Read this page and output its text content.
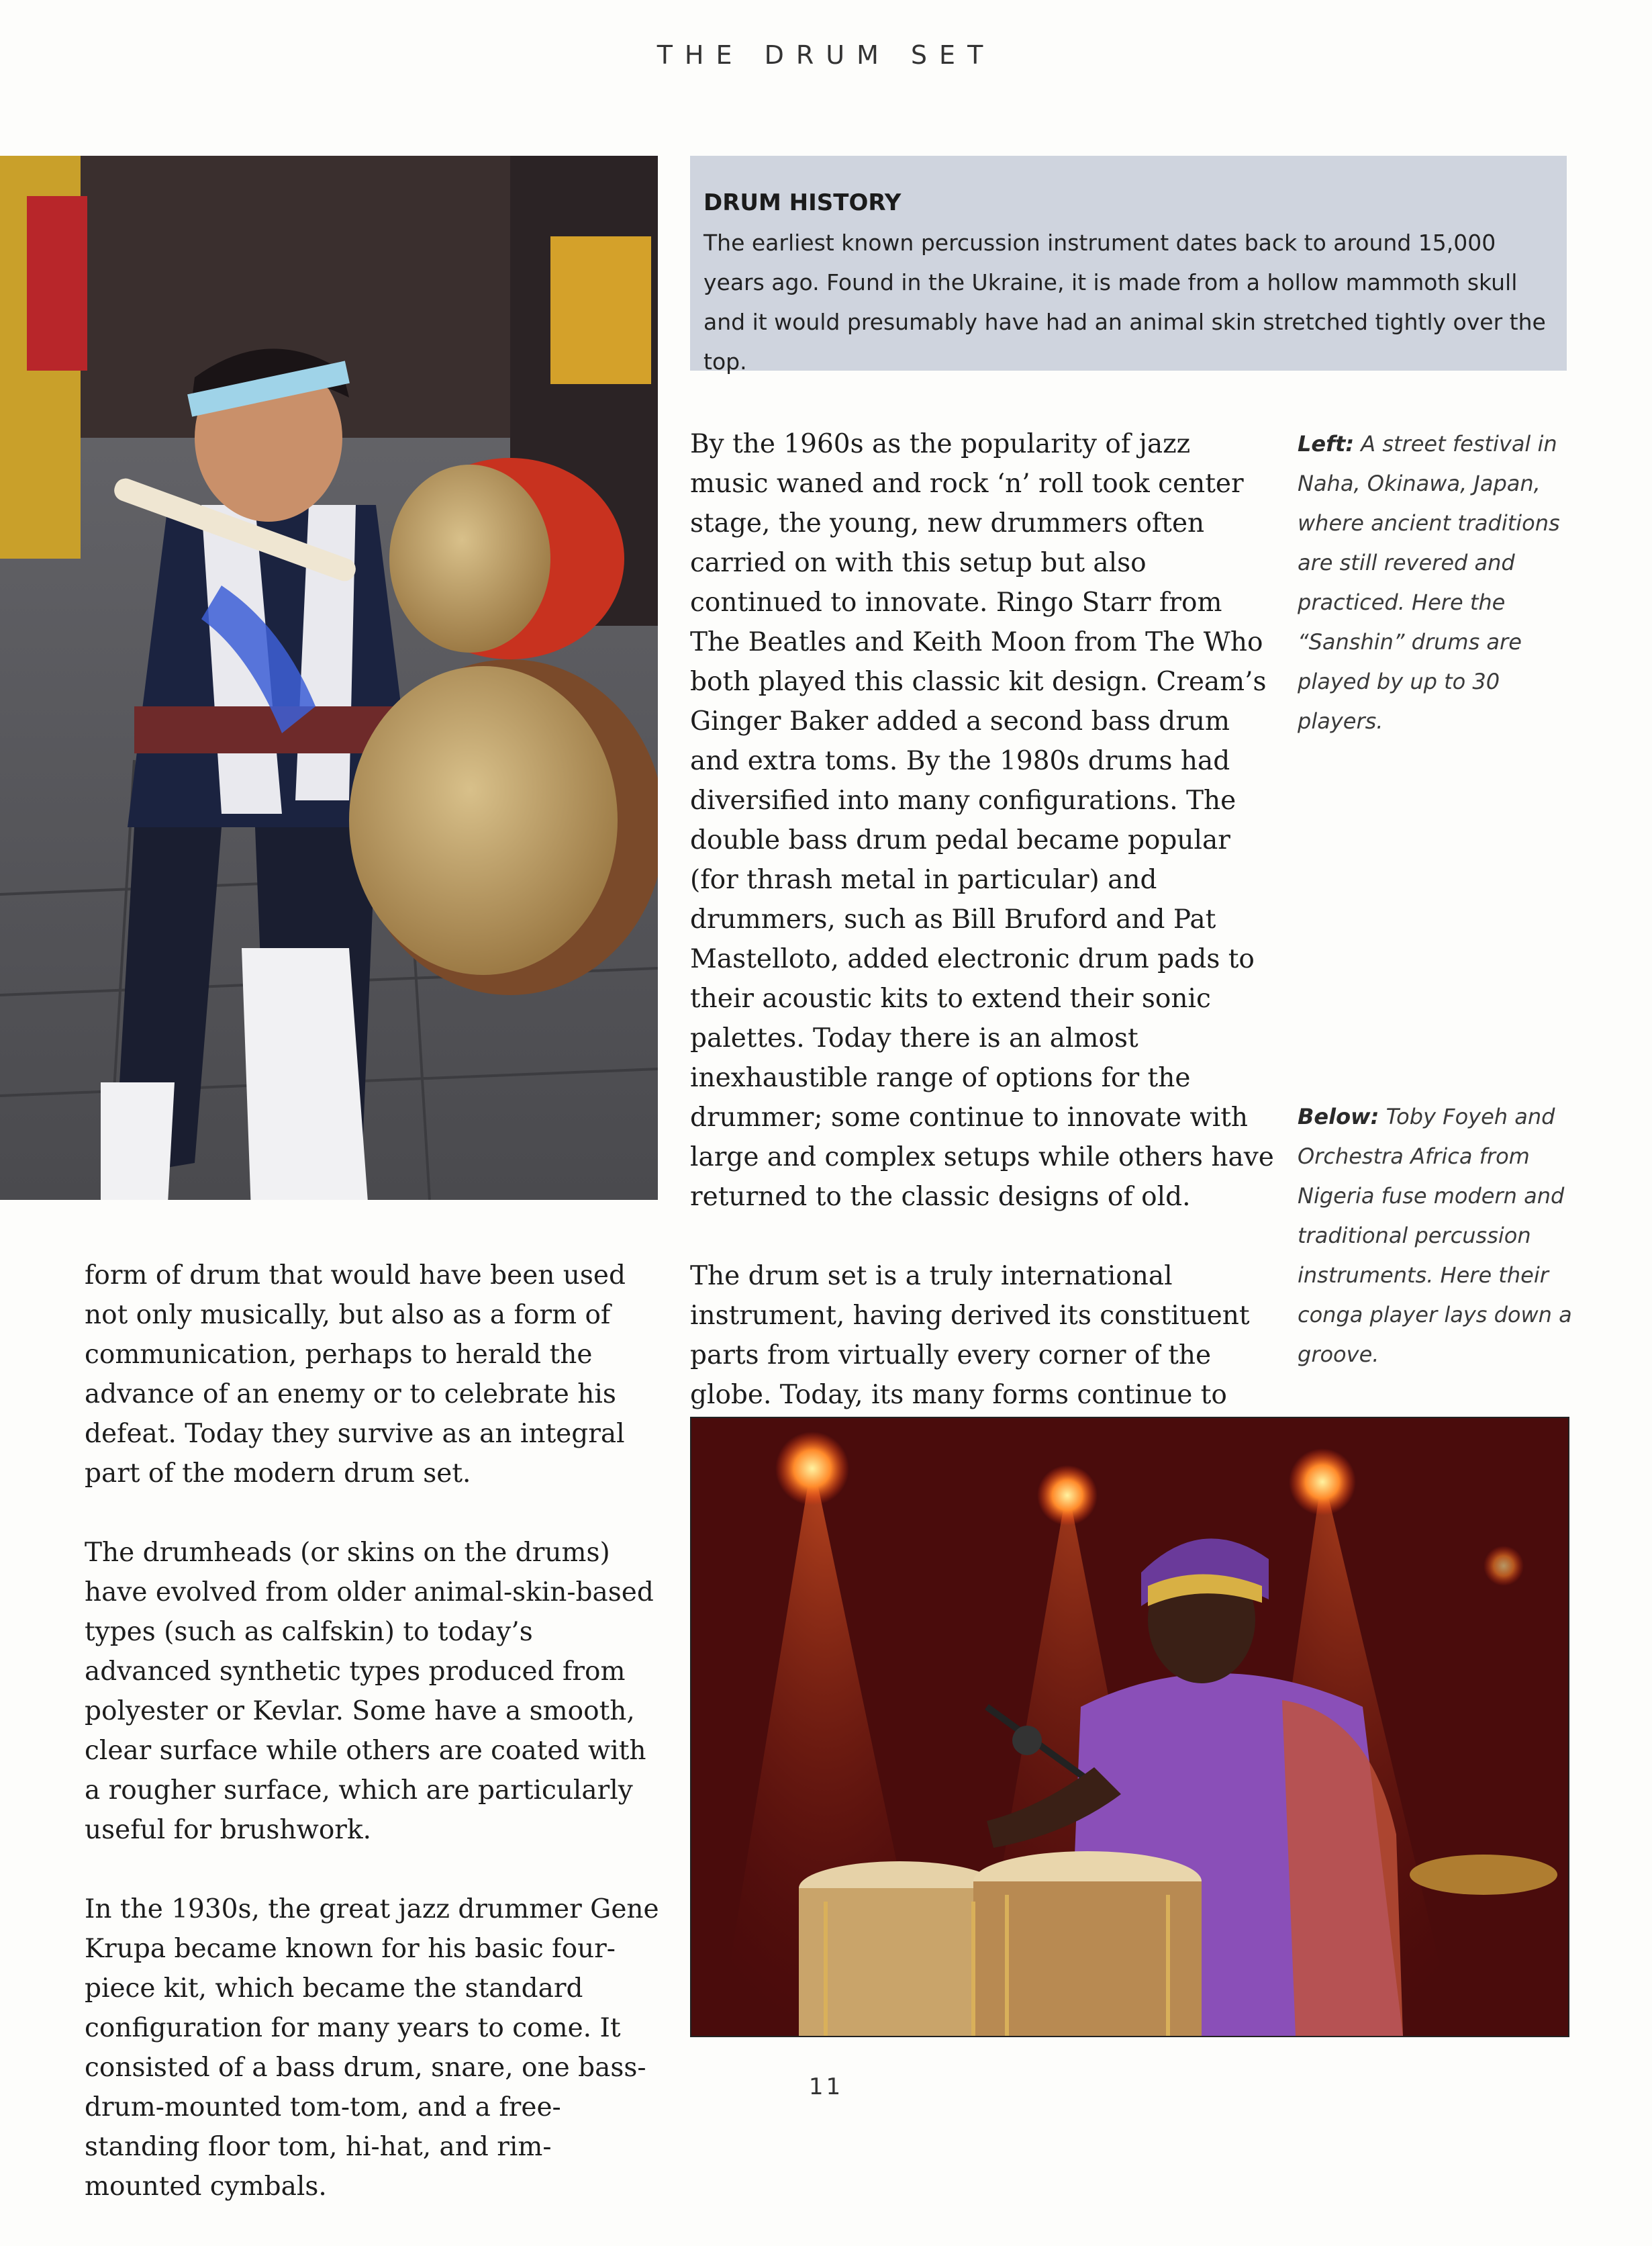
THE DRUM SET
DRUM HISTORY
The earliest known percussion instrument dates back to around 15,000 years ago. Found in the Ukraine, it is made from a hollow mammoth skull and it would presumably have had an animal skin stretched tightly over the top.

By the 1960s as the popularity of jazz music waned and rock ‘n’ roll took center stage, the young, new drummers often carried on with this setup but also continued to innovate. Ringo Starr from The Beatles and Keith Moon from The Who both played this classic kit design. Cream’s Ginger Baker added a second bass drum and extra toms. By the 1980s drums had diversified into many configurations. The double bass drum pedal became popular (for thrash metal in particular) and drummers, such as Bill Bruford and Pat Mastelloto, added electronic drum pads to their acoustic kits to extend their sonic palettes. Today there is an almost inexhaustible range of options for the drummer; some continue to innovate with large and complex setups while others have returned to the classic designs of old.

The drum set is a truly international instrument, having derived its constituent parts from virtually every corner of the globe. Today, its many forms continue to

Left: A street festival in Naha, Okinawa, Japan, where ancient traditions are still revered and practiced. Here the “Sanshin” drums are played by up to 30 players.
Below: Toby Foyeh and Orchestra Africa from Nigeria fuse modern and traditional percussion instruments. Here their conga player lays down a groove.

form of drum that would have been used not only musically, but also as a form of communication, perhaps to herald the advance of an enemy or to celebrate his defeat. Today they survive as an integral part of the modern drum set.

The drumheads (or skins on the drums) have evolved from older animal-skin-based types (such as calfskin) to today’s advanced synthetic types produced from polyester or Kevlar. Some have a smooth, clear surface while others are coated with a rougher surface, which are particularly useful for brushwork.

In the 1930s, the great jazz drummer Gene Krupa became known for his basic four-piece kit, which became the standard configuration for many years to come. It consisted of a bass drum, snare, one bass-drum-mounted tom-tom, and a free-standing floor tom, hi-hat, and rim-mounted cymbals.

11
